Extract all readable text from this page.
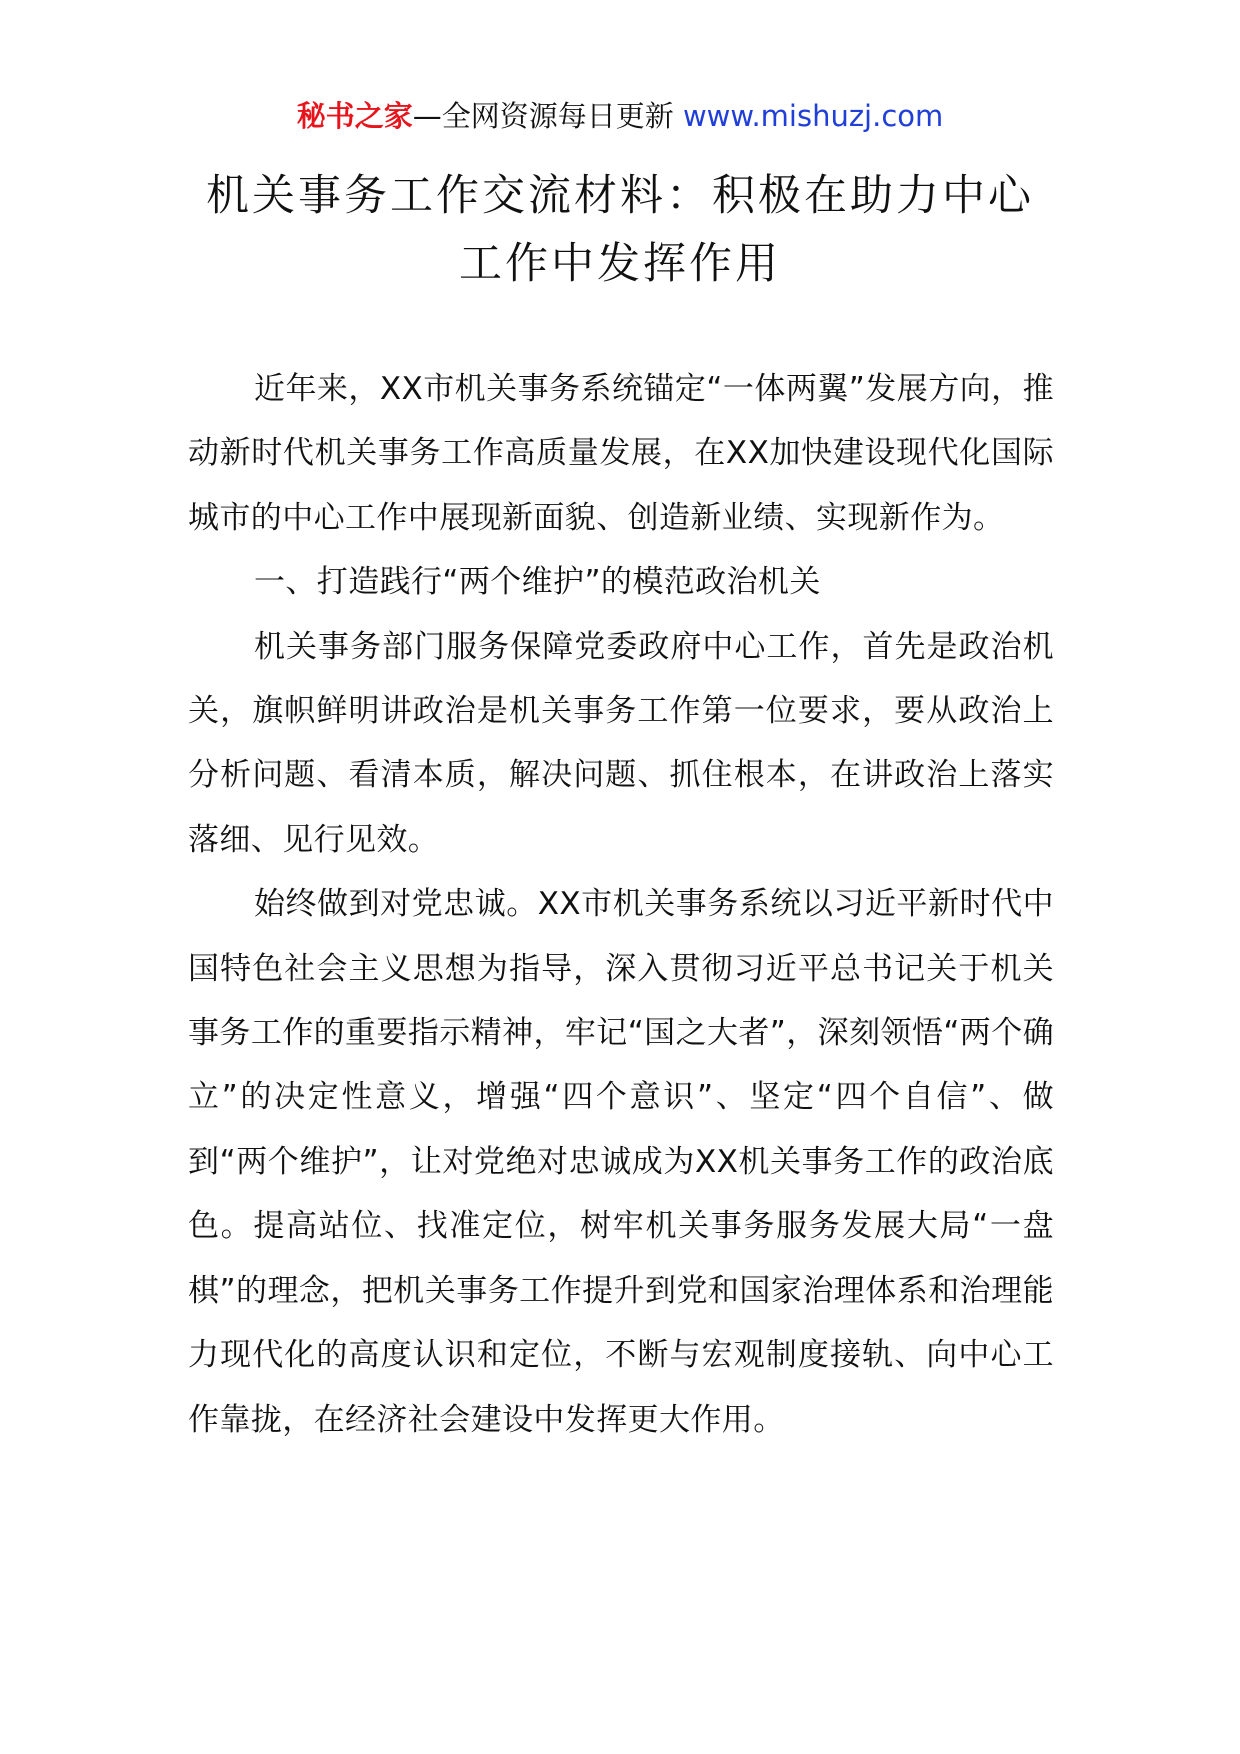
秘书之家—全网资源每日更新 www.mishuzj.com
机关事务工作交流材料：积极在助力中心
工作中发挥作用

近年来，XX市机关事务系统锚定“一体两翼”发展方向，推动新时代机关事务工作高质量发展，在XX加快建设现代化国际城市的中心工作中展现新面貌、创造新业绩、实现新作为。

一、打造践行“两个维护”的模范政治机关

机关事务部门服务保障党委政府中心工作，首先是政治机关，旗帜鲜明讲政治是机关事务工作第一位要求，要从政治上分析问题、看清本质，解决问题、抓住根本，在讲政治上落实落细、见行见效。

始终做到对党忠诚。XX市机关事务系统以习近平新时代中国特色社会主义思想为指导，深入贯彻习近平总书记关于机关事务工作的重要指示精神，牢记“国之大者”，深刻领悟“两个确立”的决定性意义，增强“四个意识”、坚定“四个自信”、做到“两个维护”，让对党绝对忠诚成为XX机关事务工作的政治底色。提高站位、找准定位，树牢机关事务服务发展大局“一盘棋”的理念，把机关事务工作提升到党和国家治理体系和治理能力现代化的高度认识和定位，不断与宏观制度接轨、向中心工作靠拢，在经济社会建设中发挥更大作用。
